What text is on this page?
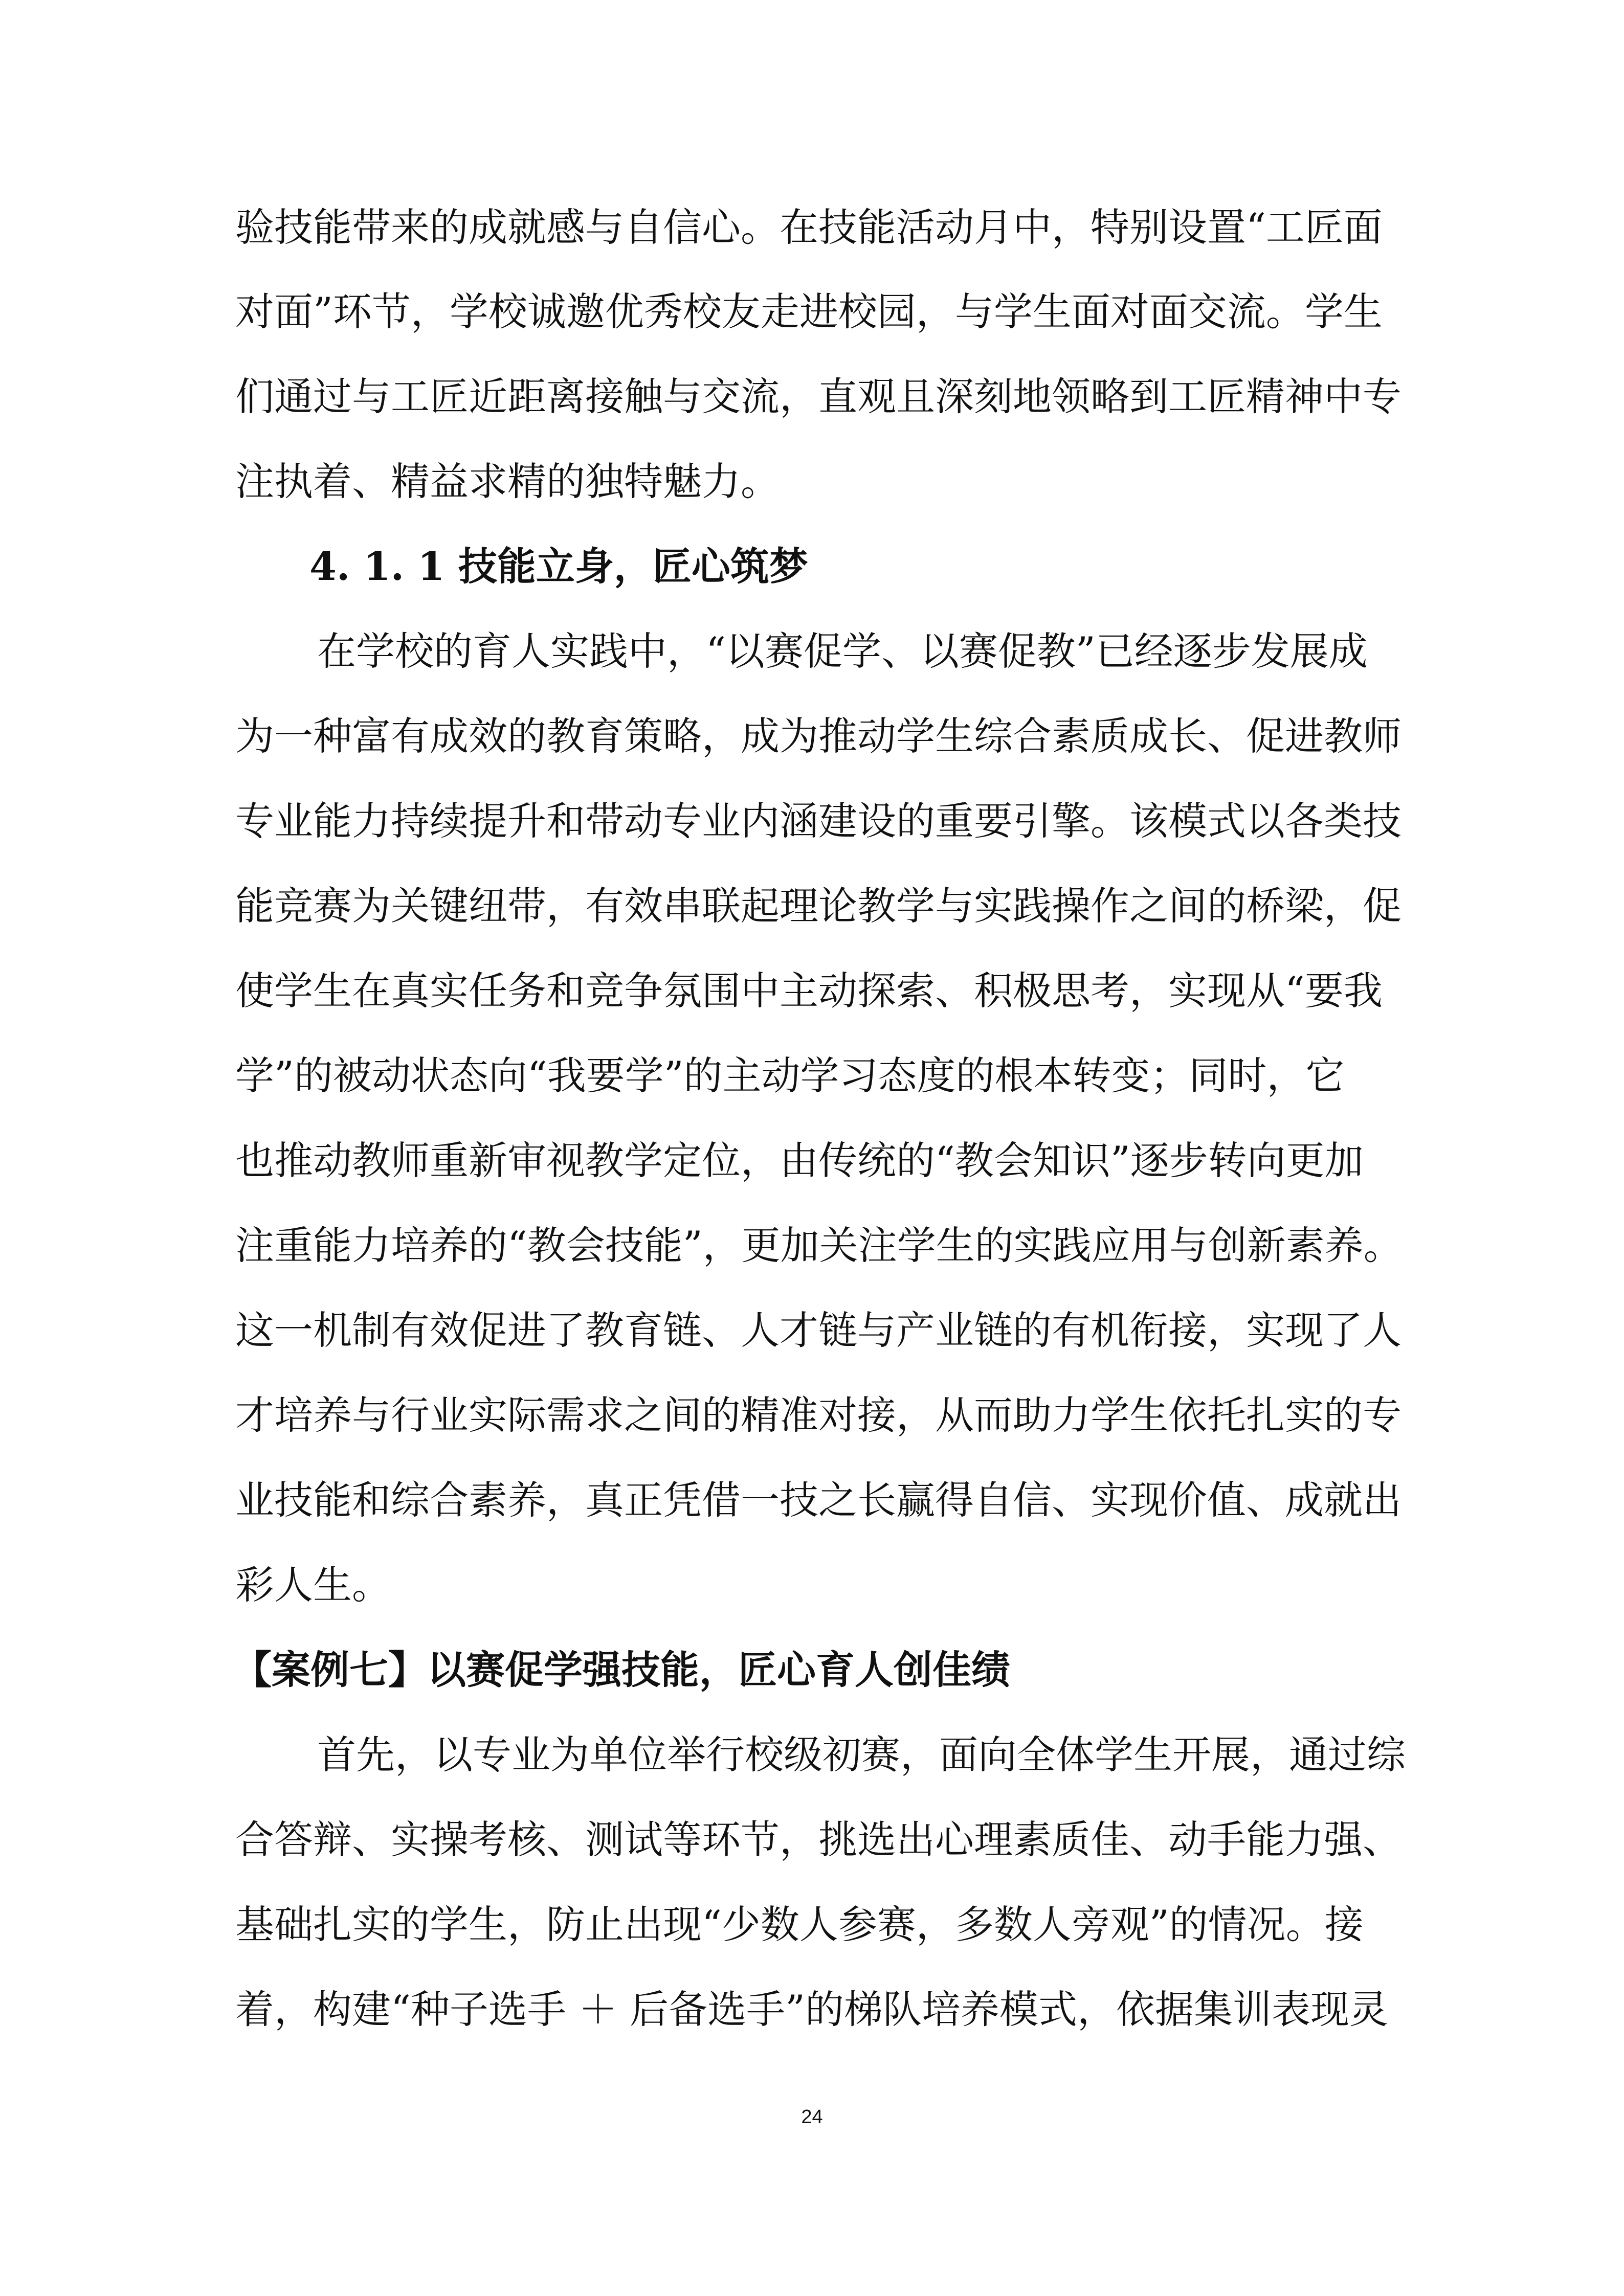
验技能带来的成就感与自信心。在技能活动月中，特别设置“工匠面
对面”环节，学校诚邀优秀校友走进校园，与学生面对面交流。学生
们通过与工匠近距离接触与交流，直观且深刻地领略到工匠精神中专
注执着、精益求精的独特魅力。
4. 1. 1 技能立身，匠心筑梦
在学校的育人实践中，“以赛促学、以赛促教”已经逐步发展成
为一种富有成效的教育策略，成为推动学生综合素质成长、促进教师
专业能力持续提升和带动专业内涵建设的重要引擎。该模式以各类技
能竞赛为关键纽带，有效串联起理论教学与实践操作之间的桥梁，促
使学生在真实任务和竞争氛围中主动探索、积极思考，实现从“要我
学”的被动状态向“我要学”的主动学习态度的根本转变；同时，它
也推动教师重新审视教学定位，由传统的“教会知识”逐步转向更加
注重能力培养的“教会技能”，更加关注学生的实践应用与创新素养。
这一机制有效促进了教育链、人才链与产业链的有机衔接，实现了人
才培养与行业实际需求之间的精准对接，从而助力学生依托扎实的专
业技能和综合素养，真正凭借一技之长赢得自信、实现价值、成就出
彩人生。
【案例七】以赛促学强技能，匠心育人创佳绩
首先，以专业为单位举行校级初赛，面向全体学生开展，通过综
合答辩、实操考核、测试等环节，挑选出心理素质佳、动手能力强、
基础扎实的学生，防止出现“少数人参赛，多数人旁观”的情况。接
着，构建“种子选手 ＋ 后备选手”的梯队培养模式，依据集训表现灵
24
